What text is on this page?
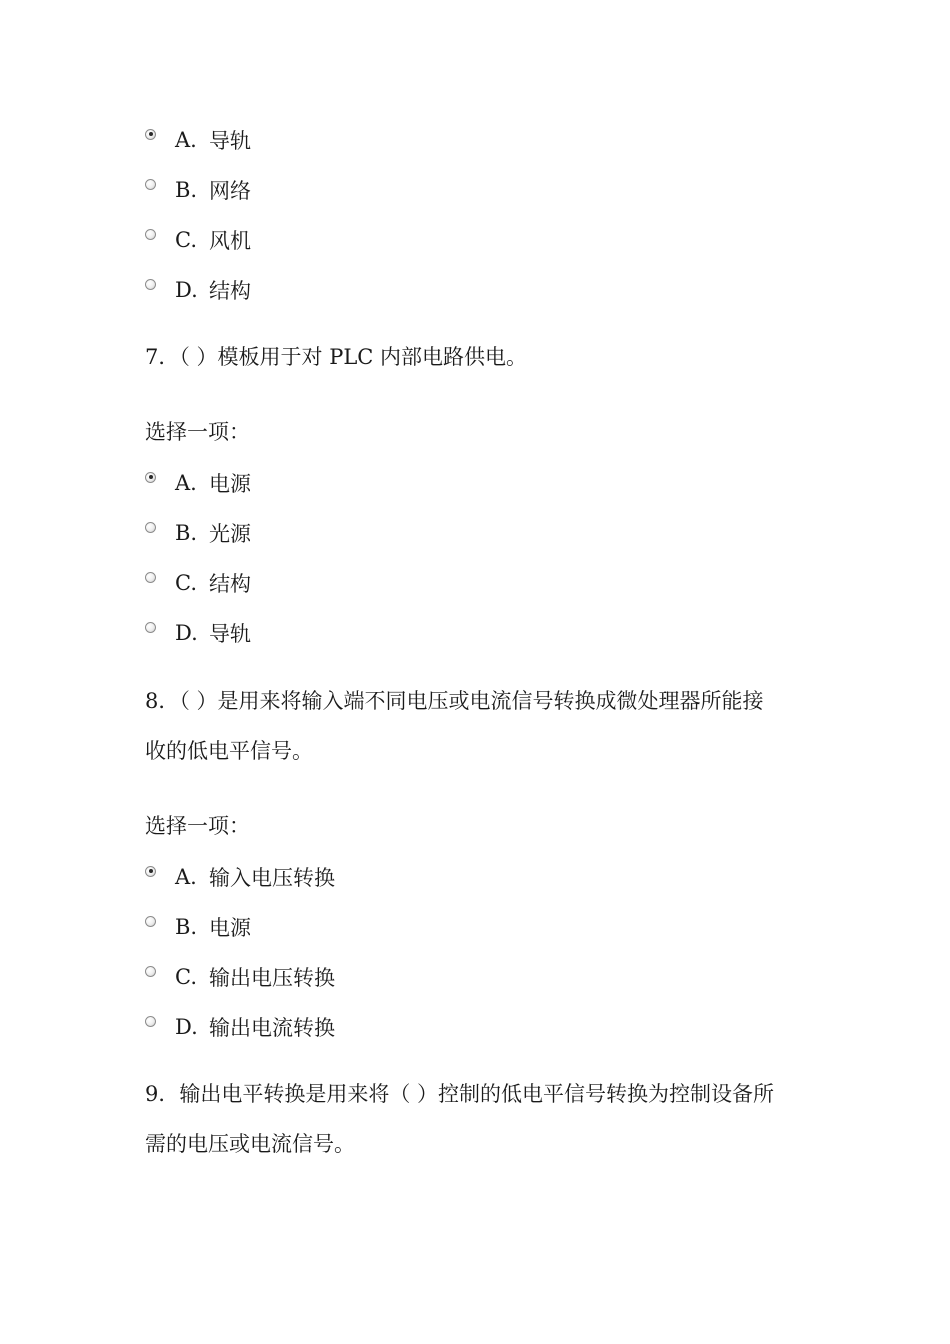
A. 导轨
B. 网络
C. 风机
D. 结构
7．（ ）模板用于对 PLC 内部电路供电。
选择一项：
A. 电源
B. 光源
C. 结构
D. 导轨
8．（ ）是用来将输入端不同电压或电流信号转换成微处理器所能接
收的低电平信号。
选择一项：
A. 输入电压转换
B. 电源
C. 输出电压转换
D. 输出电流转换
9．输出电平转换是用来将（ ）控制的低电平信号转换为控制设备所
需的电压或电流信号。
